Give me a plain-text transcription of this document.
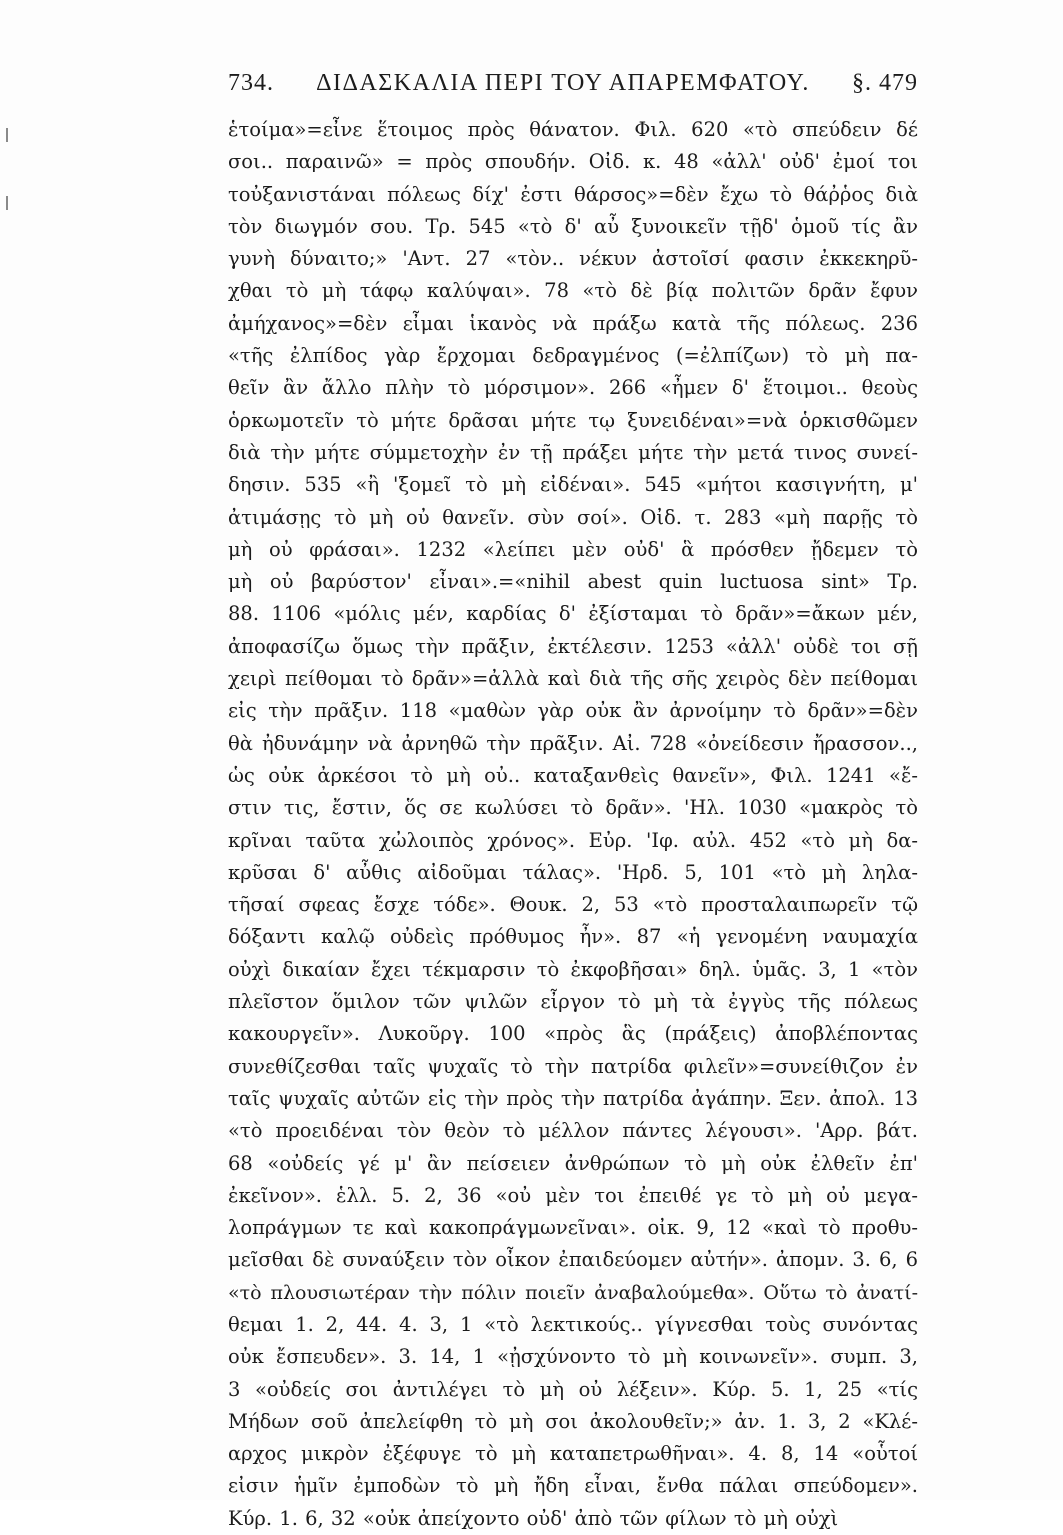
734. ΔΙΔΑΣΚΑΛΙΑ ΠΕΡΙ ΤΟΥ ΑΠΑΡΕΜΦΑΤΟΥ. §. 479
ἑτοίμα»=εἶνε ἕτοιμος πρὸς θάνατον. Φιλ. 620 «τὸ σπεύδειν δέ
σοι.. παραινῶ» = πρὸς σπουδήν. Οἰδ. κ. 48 «ἀλλ' οὐδ' ἐμοί τοι
τοὐξανιστάναι πόλεως δίχ' ἐστι θάρσος»=δὲν ἔχω τὸ θάῤῥος διὰ
τὸν διωγμόν σου. Τρ. 545 «τὸ δ' αὖ ξυνοικεῖν τῇδ' ὁμοῦ τίς ἂν
γυνὴ δύναιτο;» 'Αντ. 27 «τὸν.. νέκυν ἀστοῖσί φασιν ἐκκεκηρῦ-
χθαι τὸ μὴ τάφῳ καλύψαι». 78 «τὸ δὲ βίᾳ πολιτῶν δρᾶν ἔφυν
ἀμήχανος»=δὲν εἶμαι ἱκανὸς νὰ πράξω κατὰ τῆς πόλεως. 236
«τῆς ἐλπίδος γὰρ ἔρχομαι δεδραγμένος (=ἐλπίζων) τὸ μὴ πα-
θεῖν ἂν ἄλλο πλὴν τὸ μόρσιμον». 266 «ἦμεν δ' ἕτοιμοι.. θεοὺς
ὁρκωμοτεῖν τὸ μήτε δρᾶσαι μήτε τῳ ξυνειδέναι»=νὰ ὁρκισθῶμεν
διὰ τὴν μήτε σύμμετοχὴν ἐν τῇ πράξει μήτε τὴν μετά τινος συνεί-
δησιν. 535 «ἢ 'ξομεῖ τὸ μὴ εἰδέναι». 545 «μήτοι κασιγνήτη, μ'
ἀτιμάσῃς τὸ μὴ οὐ θανεῖν. σὺν σοί». Οἰδ. τ. 283 «μὴ παρῇς τὸ
μὴ οὐ φράσαι». 1232 «λείπει μὲν οὐδ' ἃ πρόσθεν ᾔδεμεν τὸ
μὴ οὐ βαρύστον' εἶναι».=«nihil abest quin luctuosa sint» Τρ.
88. 1106 «μόλις μέν, καρδίας δ' ἐξίσταμαι τὸ δρᾶν»=ἄκων μέν,
ἀποφασίζω ὅμως τὴν πρᾶξιν, ἐκτέλεσιν. 1253 «ἀλλ' οὐδὲ τοι σῇ
χειρὶ πείθομαι τὸ δρᾶν»=ἀλλὰ καὶ διὰ τῆς σῆς χειρὸς δὲν πείθομαι
εἰς τὴν πρᾶξιν. 118 «μαθὼν γὰρ οὐκ ἂν ἀρνοίμην τὸ δρᾶν»=δὲν
θὰ ἠδυνάμην νὰ ἀρνηθῶ τὴν πρᾶξιν. Αἰ. 728 «ὀνείδεσιν ἤρασσον..,
ὡς οὐκ ἀρκέσοι τὸ μὴ οὐ.. καταξανθεὶς θανεῖν», Φιλ. 1241 «ἔ-
στιν τις, ἔστιν, ὅς σε κωλύσει τὸ δρᾶν». 'Ηλ. 1030 «μακρὸς τὸ
κρῖναι ταῦτα χὠλοιπὸς χρόνος». Εὐρ. 'Ιφ. αὐλ. 452 «τὸ μὴ δα-
κρῦσαι δ' αὖθις αἰδοῦμαι τάλας». 'Ηρδ. 5, 101 «τὸ μὴ ληλα-
τῆσαί σφεας ἔσχε τόδε». Θουκ. 2, 53 «τὸ προσταλαιπωρεῖν τῷ
δόξαντι καλῷ οὐδεὶς πρόθυμος ἦν». 87 «ἡ γενομένη ναυμαχία
οὐχὶ δικαίαν ἔχει τέκμαρσιν τὸ ἐκφοβῆσαι» δηλ. ὑμᾶς. 3, 1 «τὸν
πλεῖστον ὅμιλον τῶν ψιλῶν εἶργον τὸ μὴ τὰ ἐγγὺς τῆς πόλεως
κακουργεῖν». Λυκοῦργ. 100 «πρὸς ἃς (πράξεις) ἀποβλέποντας
συνεθίζεσθαι ταῖς ψυχαῖς τὸ τὴν πατρίδα φιλεῖν»=συνείθιζον ἐν
ταῖς ψυχαῖς αὐτῶν εἰς τὴν πρὸς τὴν πατρίδα ἀγάπην. Ξεν. ἀπολ. 13
«τὸ προειδέναι τὸν θεὸν τὸ μέλλον πάντες λέγουσι». 'Αρρ. βάτ.
68 «οὐδείς γέ μ' ἂν πείσειεν ἀνθρώπων τὸ μὴ οὐκ ἐλθεῖν ἐπ'
ἐκεῖνον». ἑλλ. 5. 2, 36 «οὐ μὲν τοι ἐπειθέ γε τὸ μὴ οὐ μεγα-
λοπράγμων τε καὶ κακοπράγμωνεῖναι». οἰκ. 9, 12 «καὶ τὸ προθυ-
μεῖσθαι δὲ συναύξειν τὸν οἶκον ἐπαιδεύομεν αὐτήν». ἀπομν. 3. 6, 6
«τὸ πλουσιωτέραν τὴν πόλιν ποιεῖν ἀναβαλούμεθα». Οὕτω τὸ ἀνατί-
θεμαι 1. 2, 44. 4. 3, 1 «τὸ λεκτικούς.. γίγνεσθαι τοὺς συνόντας
οὐκ ἔσπευδεν». 3. 14, 1 «ᾐσχύνοντο τὸ μὴ κοινωνεῖν». συμπ. 3,
3 «οὐδείς σοι ἀντιλέγει τὸ μὴ οὐ λέξειν». Κύρ. 5. 1, 25 «τίς
Μήδων σοῦ ἀπελείφθη τὸ μὴ σοι ἀκολουθεῖν;» ἀν. 1. 3, 2 «Κλέ-
αρχος μικρὸν ἐξέφυγε τὸ μὴ καταπετρωθῆναι». 4. 8, 14 «οὗτοί
εἰσιν ἡμῖν ἐμποδὼν τὸ μὴ ἤδη εἶναι, ἔνθα πάλαι σπεύδομεν».
Κύρ. 1. 6, 32 «οὐκ ἀπείχοντο οὐδ' ἀπὸ τῶν φίλων τὸ μὴ οὐχὶ
